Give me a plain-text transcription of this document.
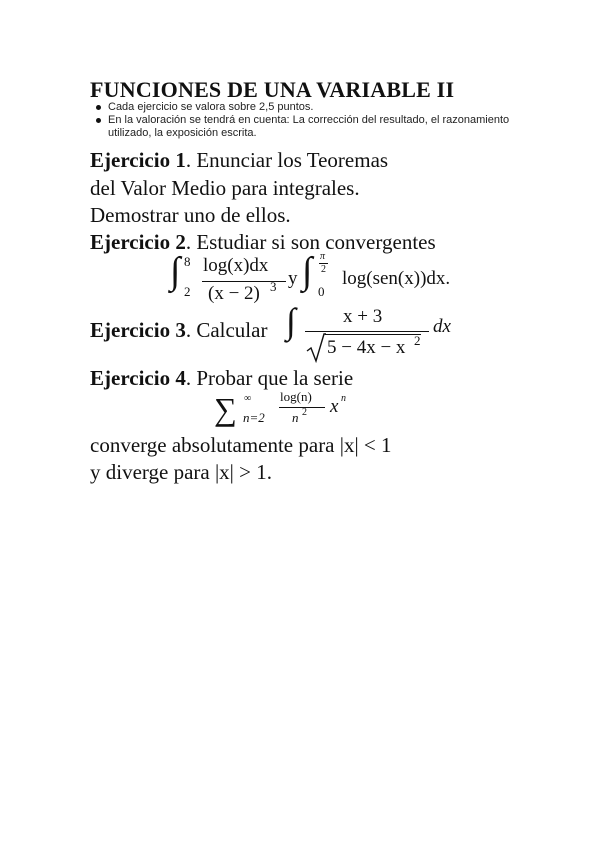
FUNCIONES DE UNA VARIABLE II
Cada ejercicio se valora sobre 2,5 puntos.
En la valoración se tendrá en cuenta: La corrección del resultado, el razonamiento utilizado, la exposición escrita.
Ejercicio 1. Enunciar los Teoremas
del Valor Medio para integrales.
Demostrar uno de ellos.
Ejercicio 2. Estudiar si son convergentes
∫ 8
2
log(x)dx
(x − 2) 3 y ∫ π
2
0
log(sen(x))dx.
Ejercicio 3. Calcular ∫ x + 3
5 − 4x − x 2
dx
Ejercicio 4. Probar que la serie
∑ ∞
n=2
log(n)
n 2 x n
converge absolutamente para |x| < 1
y diverge para |x| > 1.
